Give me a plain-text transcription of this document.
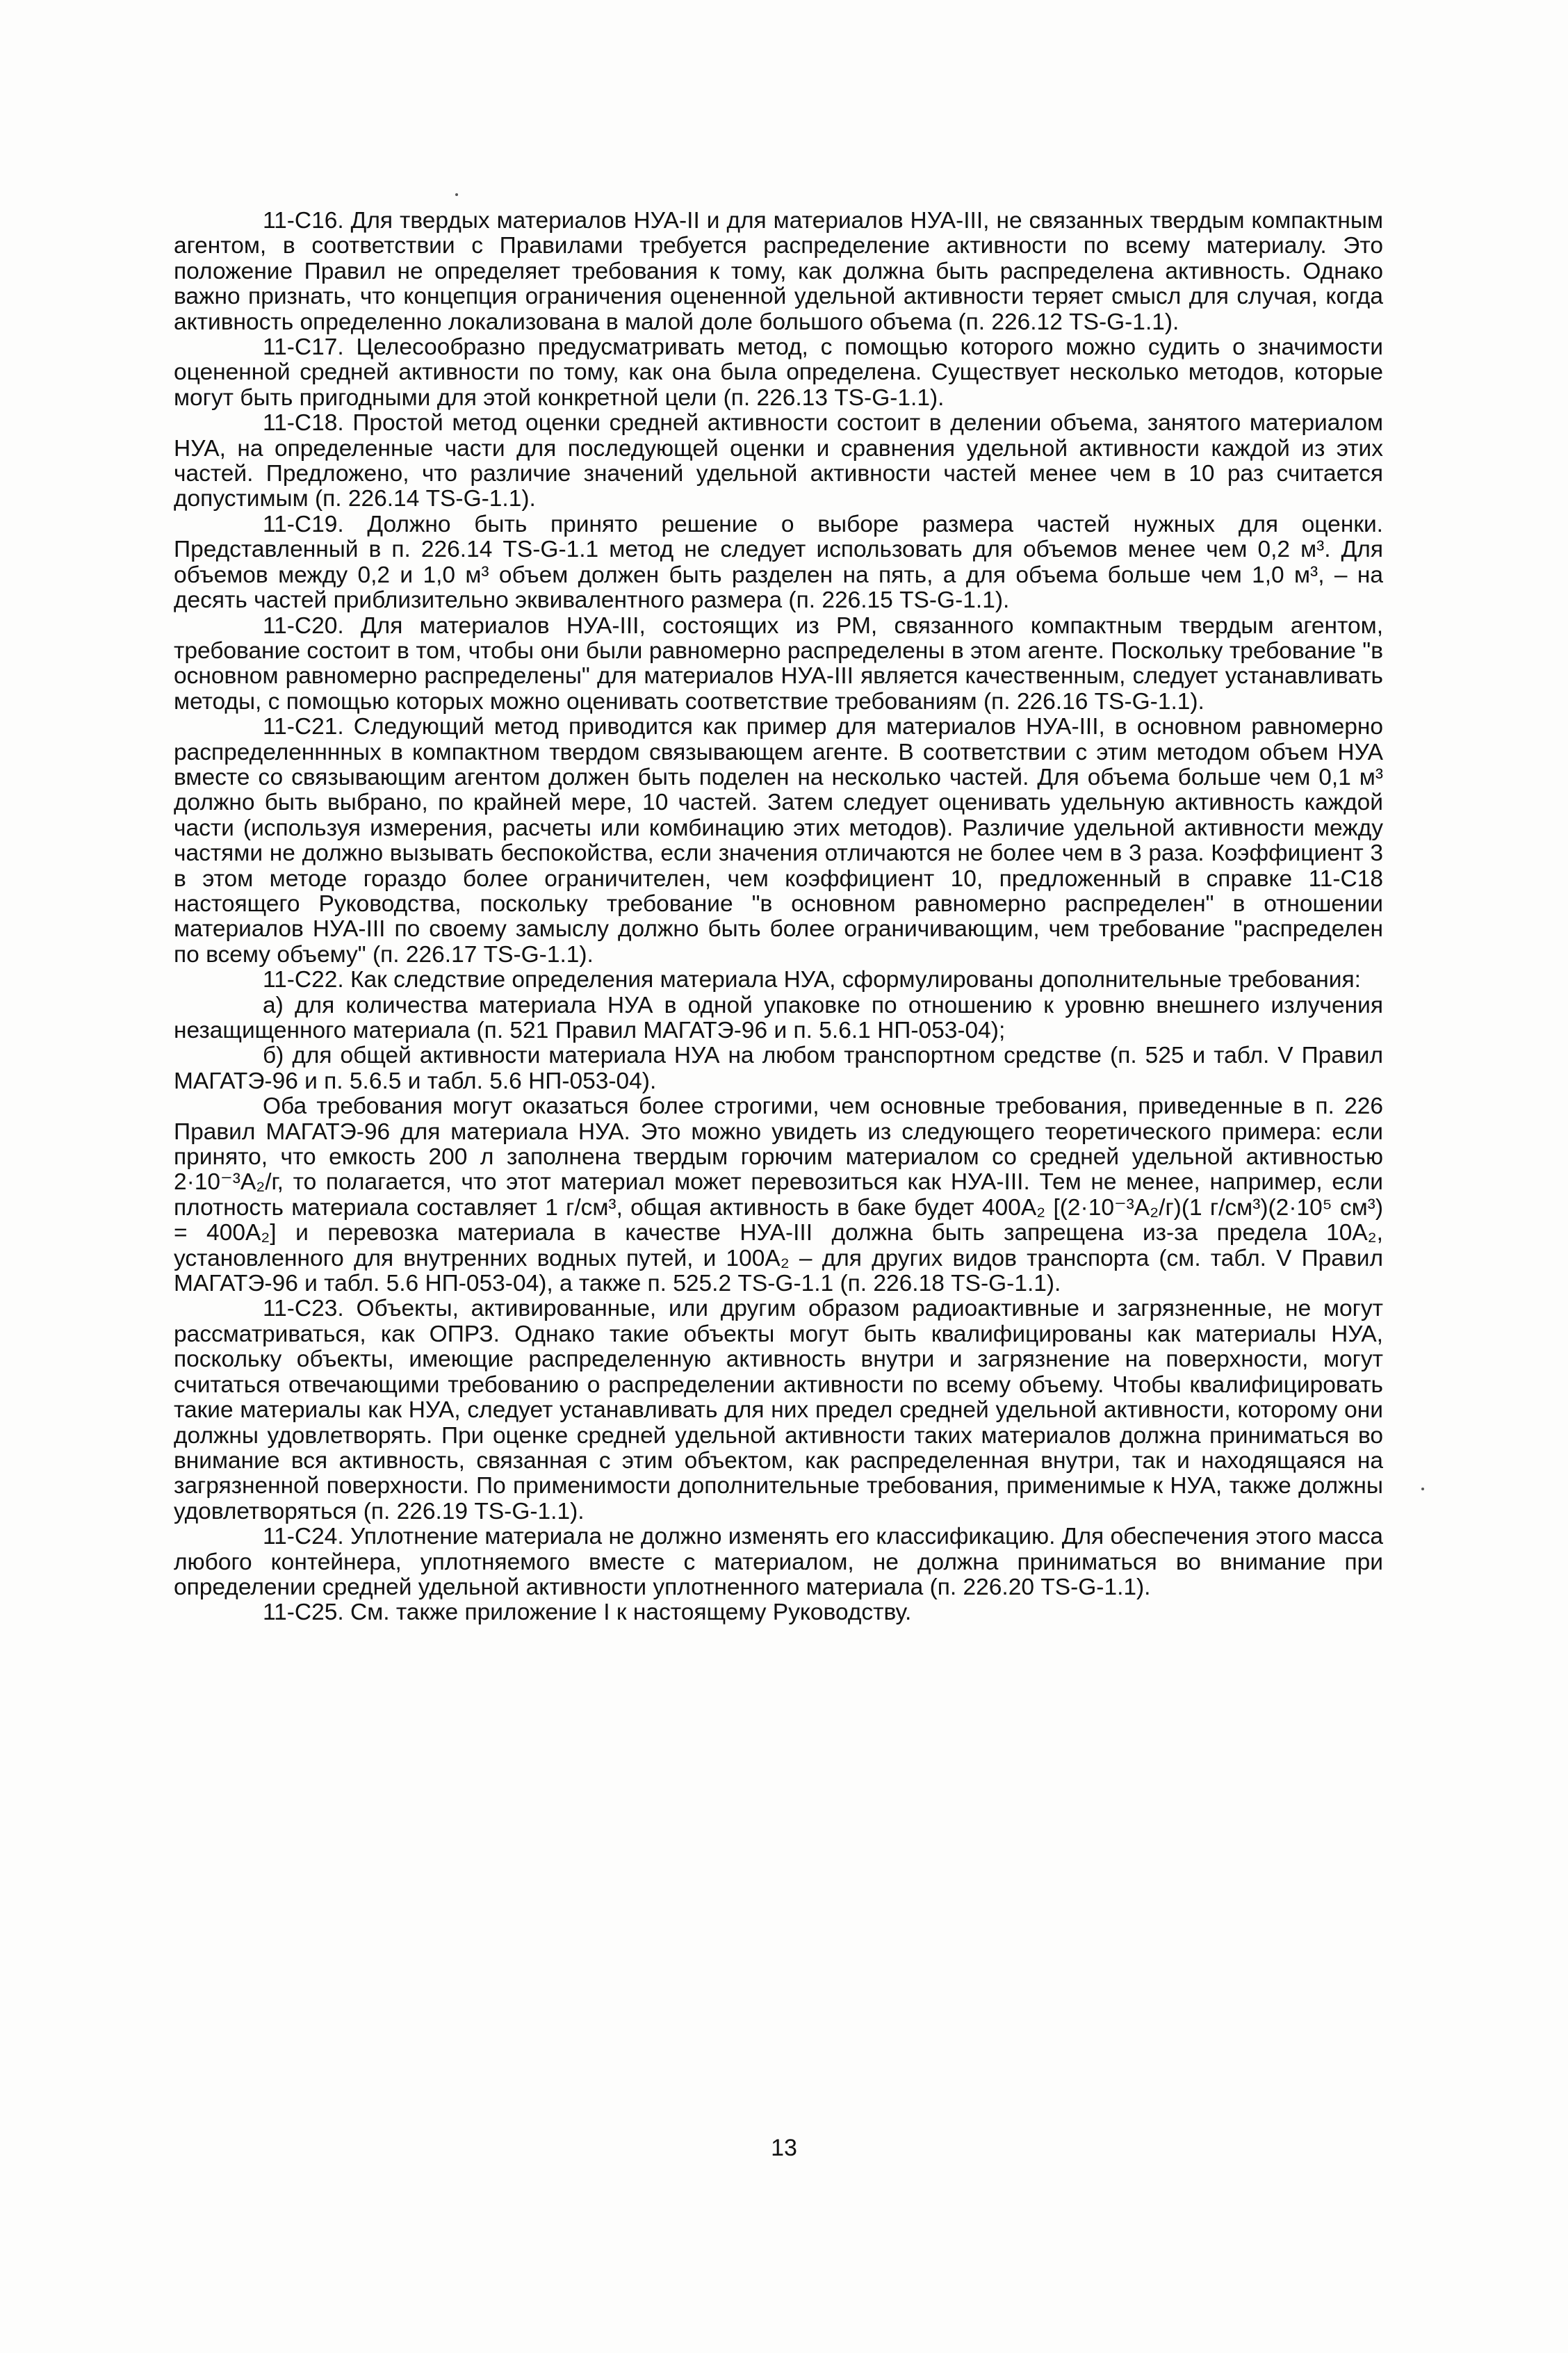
11-С16. Для твердых материалов НУА-II и для материалов НУА-III, не связанных твердым компактным агентом, в соответствии с Правилами требуется распределение активности по всему материалу. Это положение Правил не определяет требования к тому, как должна быть распределена активность. Однако важно признать, что концепция ограничения оцененной удельной активности теряет смысл для случая, когда активность определенно локализована в малой доле большого объема (п. 226.12 TS-G-1.1).

11-С17. Целесообразно предусматривать метод, с помощью которого можно судить о значимости оцененной средней активности по тому, как она была определена. Существует несколько методов, которые могут быть пригодными для этой конкретной цели (п. 226.13 TS-G-1.1).

11-С18. Простой метод оценки средней активности состоит в делении объема, занятого материалом НУА, на определенные части для последующей оценки и сравнения удельной активности каждой из этих частей. Предложено, что различие значений удельной активности частей менее чем в 10 раз считается допустимым (п. 226.14 TS-G-1.1).

11-С19. Должно быть принято решение о выборе размера частей нужных для оценки. Представленный в п. 226.14 TS-G-1.1 метод не следует использовать для объемов менее чем 0,2 м³. Для объемов между 0,2 и 1,0 м³ объем должен быть разделен на пять, а для объема больше чем 1,0 м³, – на десять частей приблизительно эквивалентного размера (п. 226.15 TS-G-1.1).

11-С20. Для материалов НУА-III, состоящих из РМ, связанного компактным твердым агентом, требование состоит в том, чтобы они были равномерно распределены в этом агенте. Поскольку требование "в основном равномерно распределены" для материалов НУА-III является качественным, следует устанавливать методы, с помощью которых можно оценивать соответствие требованиям (п. 226.16 TS-G-1.1).

11-С21. Следующий метод приводится как пример для материалов НУА-III, в основном равномерно распределенннных в компактном твердом связывающем агенте. В соответствии с этим методом объем НУА вместе со связывающим агентом должен быть поделен на несколько частей. Для объема больше чем 0,1 м³ должно быть выбрано, по крайней мере, 10 частей. Затем следует оценивать удельную активность каждой части (используя измерения, расчеты или комбинацию этих методов). Различие удельной активности между частями не должно вызывать беспокойства, если значения отличаются не более чем в 3 раза. Коэффициент 3 в этом методе гораздо более ограничителен, чем коэффициент 10, предложенный в справке 11-С18 настоящего Руководства, поскольку требование "в основном равномерно распределен" в отношении материалов НУА-III по своему замыслу должно быть более ограничивающим, чем требование "распределен по всему объему" (п. 226.17 TS-G-1.1).

11-С22. Как следствие определения материала НУА, сформулированы дополнительные требования:

а) для количества материала НУА в одной упаковке по отношению к уровню внешнего излучения незащищенного материала (п. 521 Правил МАГАТЭ-96 и п. 5.6.1 НП-053-04);

б) для общей активности материала НУА на любом транспортном средстве (п. 525 и табл. V Правил МАГАТЭ-96 и п. 5.6.5 и табл. 5.6 НП-053-04).

Оба требования могут оказаться более строгими, чем основные требования, приведенные в п. 226 Правил МАГАТЭ-96 для материала НУА. Это можно увидеть из следующего теоретического примера: если принято, что емкость 200 л заполнена твердым горючим материалом со средней удельной активностью 2·10⁻³A₂/г, то полагается, что этот материал может перевозиться как НУА-III. Тем не менее, например, если плотность материала составляет 1 г/см³, общая активность в баке будет 400A₂ [(2·10⁻³A₂/г)(1 г/см³)(2·10⁵ см³) = 400A₂] и перевозка материала в качестве НУА-III должна быть запрещена из-за предела 10A₂, установленного для внутренних водных путей, и 100A₂ – для других видов транспорта (см. табл. V Правил МАГАТЭ-96 и табл. 5.6 НП-053-04), а также п. 525.2 TS-G-1.1 (п. 226.18 TS-G-1.1).

11-С23. Объекты, активированные, или другим образом радиоактивные и загрязненные, не могут рассматриваться, как ОПРЗ. Однако такие объекты могут быть квалифицированы как материалы НУА, поскольку объекты, имеющие распределенную активность внутри и загрязнение на поверхности, могут считаться отвечающими требованию о распределении активности по всему объему. Чтобы квалифицировать такие материалы как НУА, следует устанавливать для них предел средней удельной активности, которому они должны удовлетворять. При оценке средней удельной активности таких материалов должна приниматься во внимание вся активность, связанная с этим объектом, как распределенная внутри, так и находящаяся на загрязненной поверхности. По применимости дополнительные требования, применимые к НУА, также должны удовлетворяться (п. 226.19 TS-G-1.1).

11-С24. Уплотнение материала не должно изменять его классификацию. Для обеспечения этого масса любого контейнера, уплотняемого вместе с материалом, не должна приниматься во внимание при определении средней удельной активности уплотненного материала (п. 226.20 TS-G-1.1).

11-С25. См. также приложение I к настоящему Руководству.

13
